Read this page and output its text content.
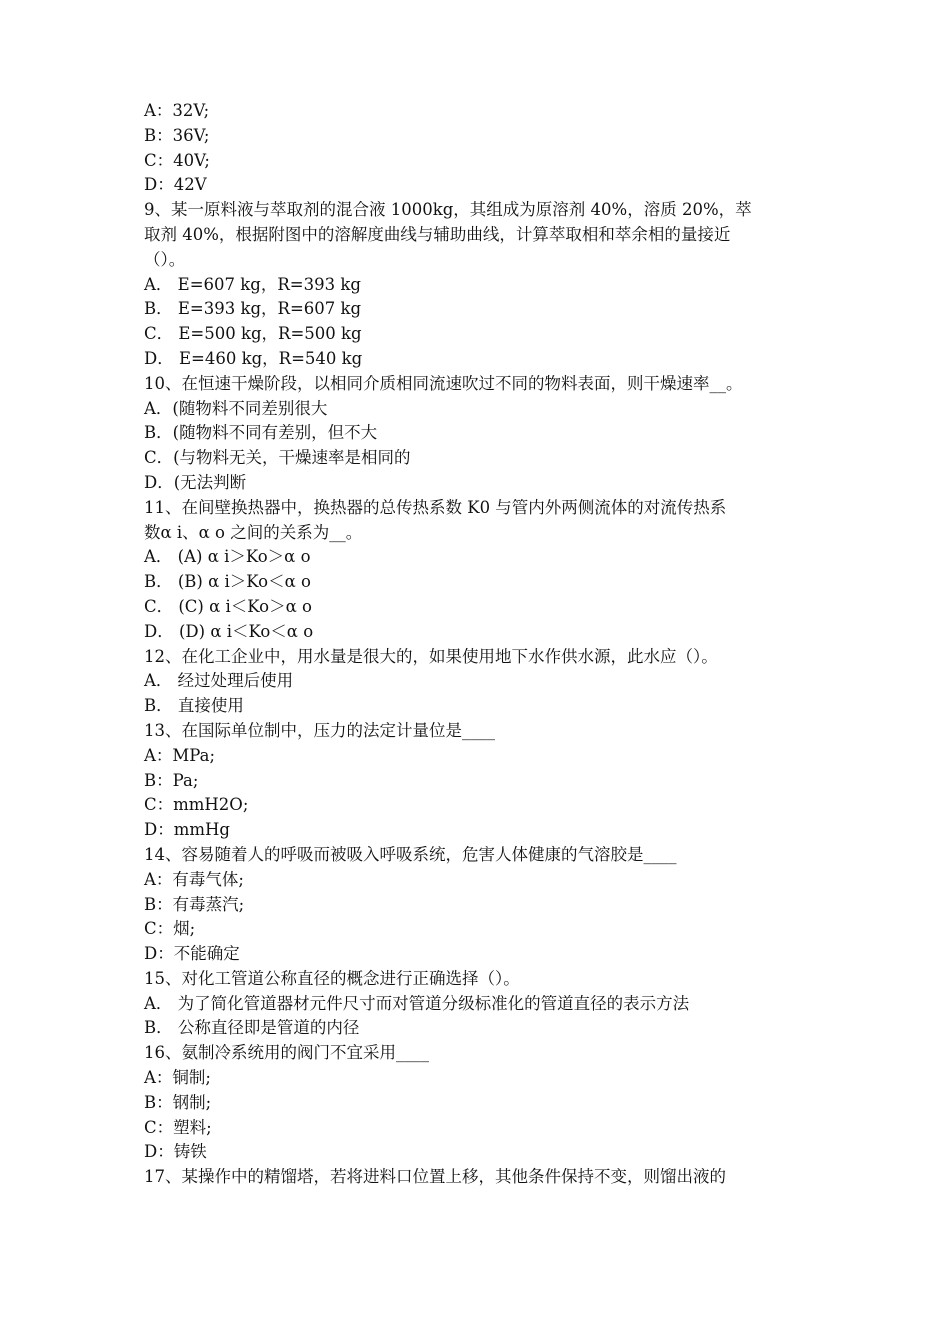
A：32V;
B：36V;
C：40V;
D：42V
9、某一原料液与萃取剂的混合液 1000kg，其组成为原溶剂 40%，溶质 20%，萃
取剂 40%，根据附图中的溶解度曲线与辅助曲线，计算萃取相和萃余相的量接近
（）。
A． E=607 kg，R=393 kg
B． E=393 kg，R=607 kg
C． E=500 kg，R=500 kg
D． E=460 kg，R=540 kg
10、在恒速干燥阶段，以相同介质相同流速吹过不同的物料表面，则干燥速率__。
A．(随物料不同差别很大
B．(随物料不同有差别，但不大
C．(与物料无关，干燥速率是相同的
D．(无法判断
11、在间壁换热器中，换热器的总传热系数 K0 与管内外两侧流体的对流传热系
数α i、α o 之间的关系为__。
A． (A) α i＞Ko＞α o
B． (B) α i＞Ko＜α o
C． (C) α i＜Ko＞α o
D． (D) α i＜Ko＜α o
12、在化工企业中，用水量是很大的，如果使用地下水作供水源，此水应（）。
A． 经过处理后使用
B． 直接使用
13、在国际单位制中，压力的法定计量位是____
A：MPa;
B：Pa;
C：mmH2O;
D：mmHg
14、容易随着人的呼吸而被吸入呼吸系统，危害人体健康的气溶胶是____
A：有毒气体;
B：有毒蒸汽;
C：烟;
D：不能确定
15、对化工管道公称直径的概念进行正确选择（）。
A． 为了简化管道器材元件尺寸而对管道分级标准化的管道直径的表示方法
B． 公称直径即是管道的内径
16、氨制冷系统用的阀门不宜采用____
A：铜制;
B：钢制;
C：塑料;
D：铸铁
17、某操作中的精馏塔，若将进料口位置上移，其他条件保持不变，则馏出液的
